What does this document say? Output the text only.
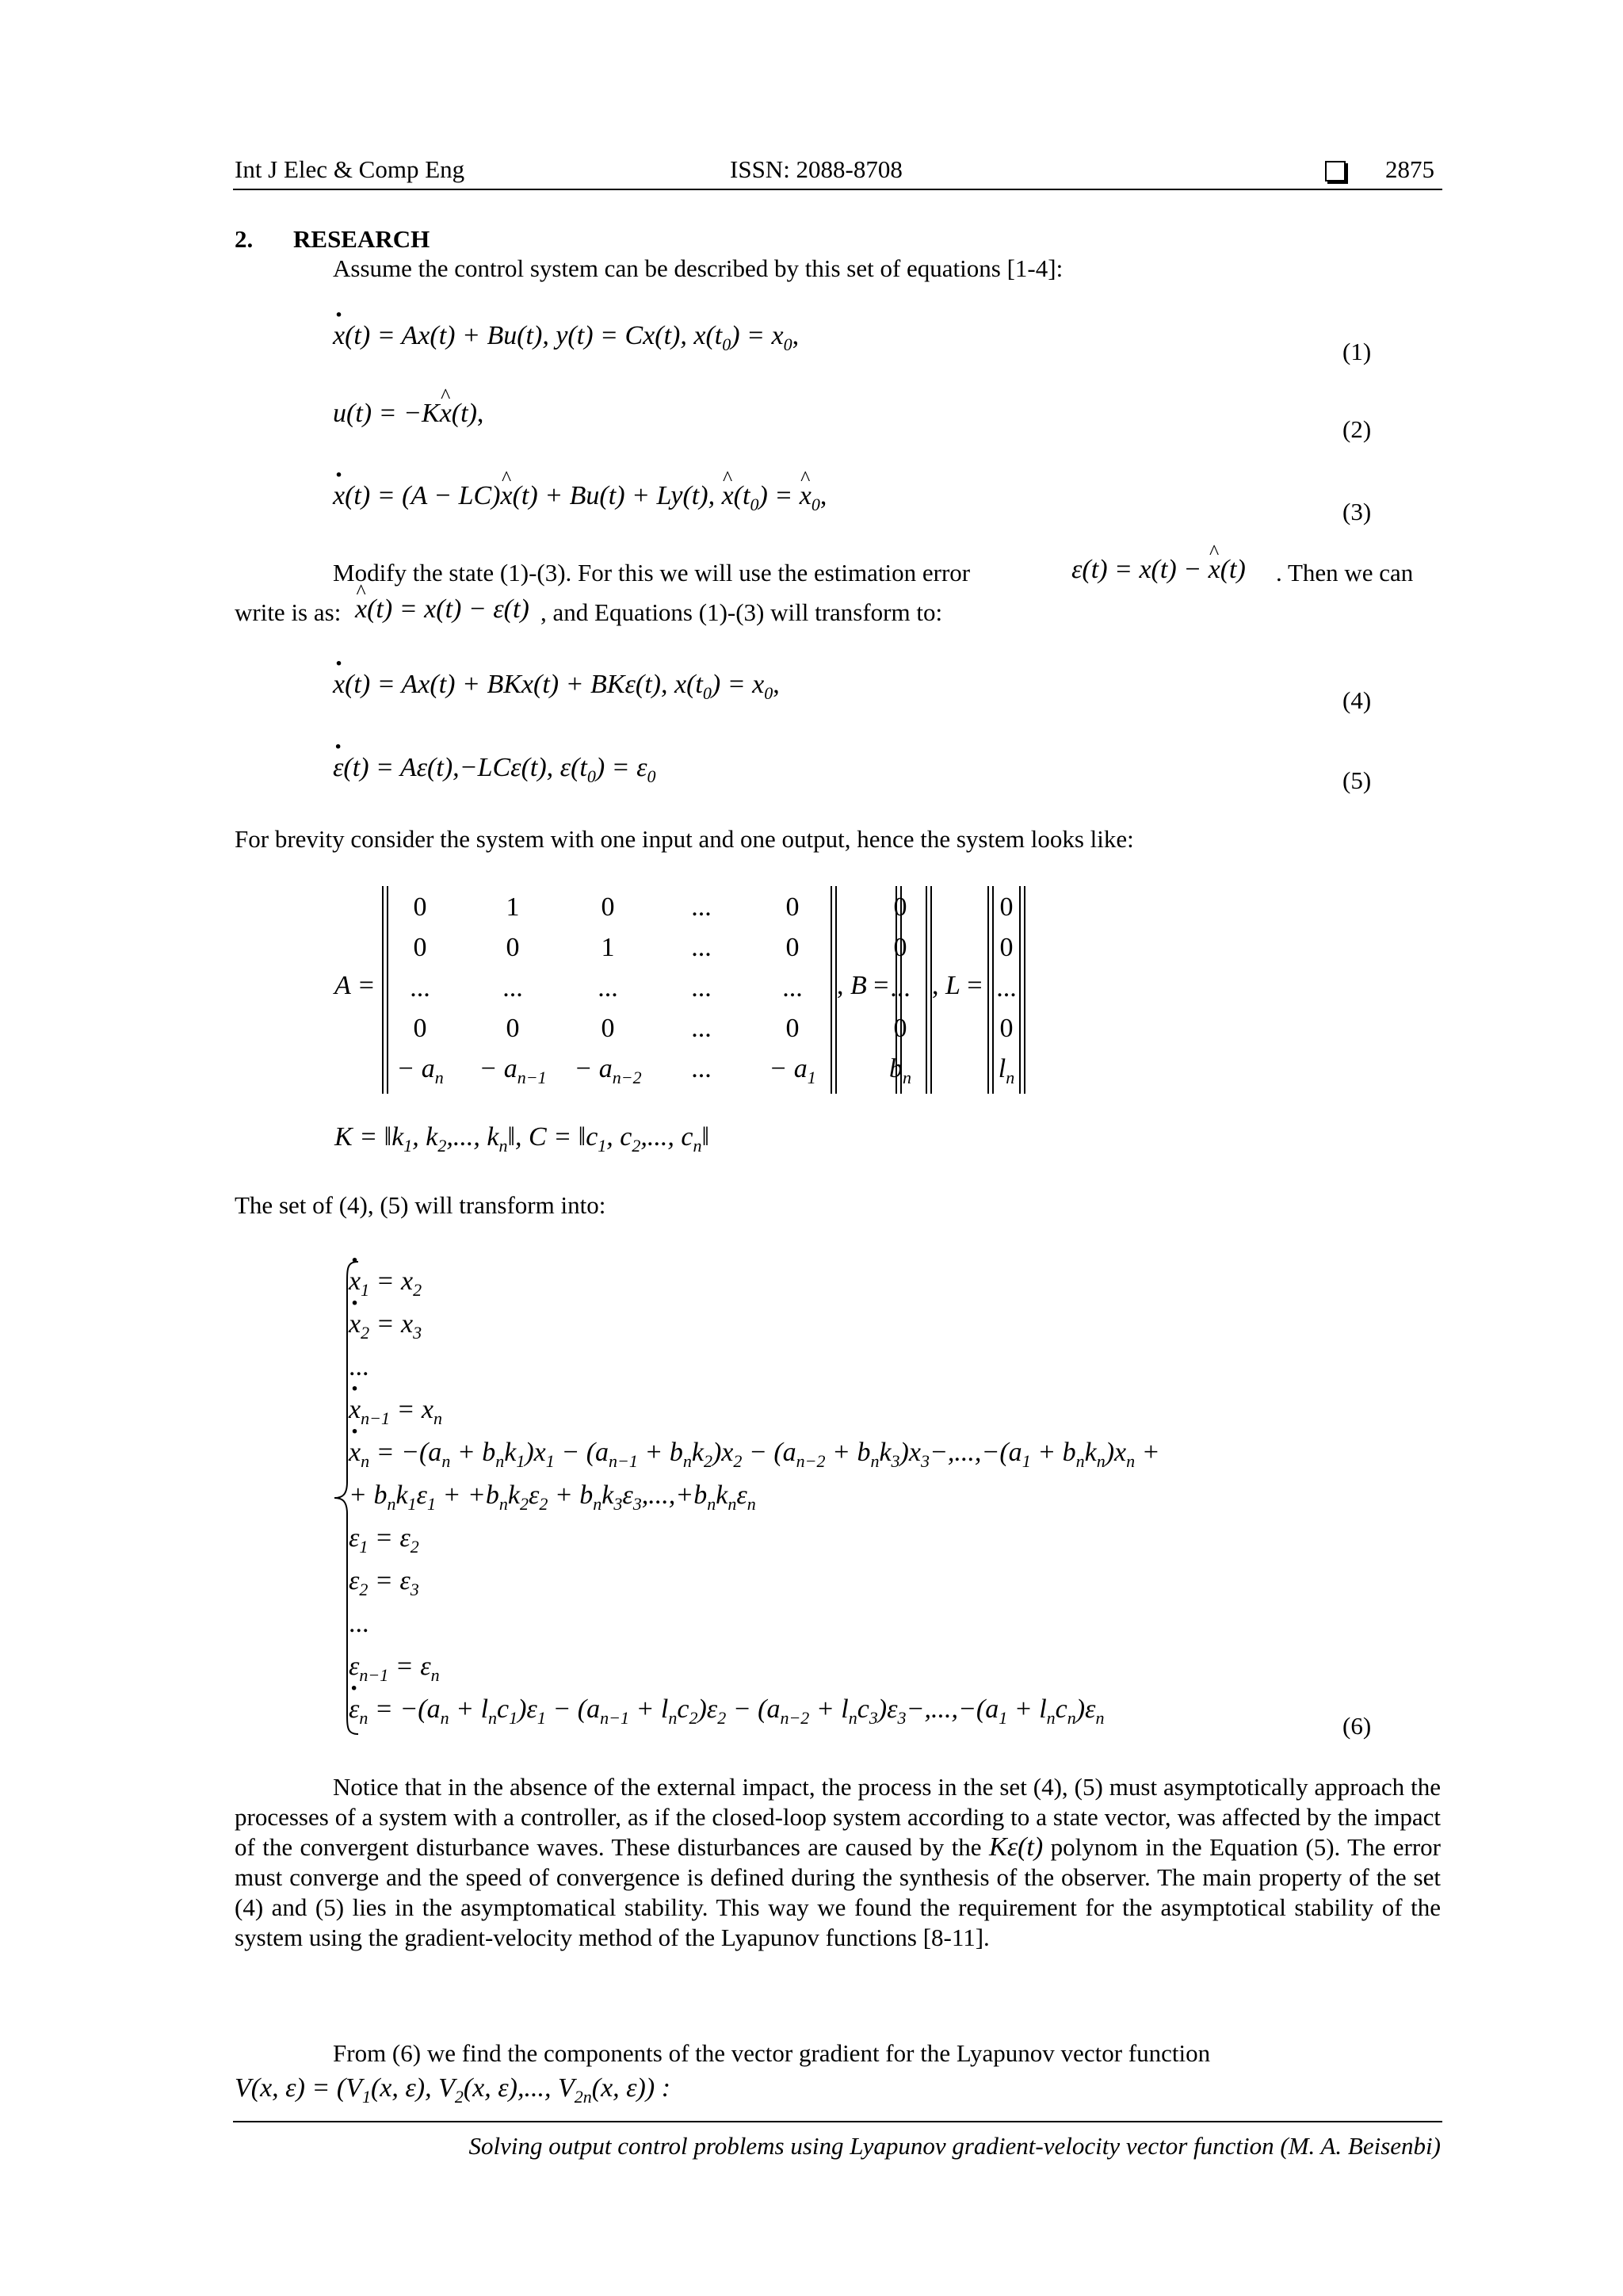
Int J Elec & Comp Eng	ISSN: 2088-8708	2875
2. RESEARCH
Assume the control system can be described by this set of equations [1-4]:
· x(t) = Ax(t) + Bu(t), y(t) = Cx(t), $x(t_0) = x_0$,
(1)
u(t) = −K^ x(t),
(2)
· x(t) = (A − LC)^ x(t) + Bu(t) + Ly(t), ^ $x(t_0)$ = ^ $x_0$,
(3)
Modify the state (1)-(3). For this we will use the estimation error	ε(t) = x(t) − ^ x(t) . Then we can
write is as: ^ x(t) = x(t) − ε(t) , and Equations (1)-(3) will transform to:
· x(t) = Ax(t) + BKx(t) + BKε(t), $x(t_0) = x_0$,
(4)
· ε(t) = Aε(t),−LCε(t), $\varepsilon(t_0) = \varepsilon_0$	(5)
For brevity consider the system with one input and one output, hence the system looks like:
A =
0	1	0	...	0
0	0	1	...	0
...	...	...	...	...
0	0	0	...	0
− $a_n$	− $a_{n-1}$	− $a_{n-2}$	...	− $a_1$
, B =
0
0
...
0
$b_n$
, L =
0
0
...
0
$l_n$
$K = ‖k_1$, $k_2$,..., $k_n‖$, $C = ‖c_1$, $c_2$,..., $c_n‖$
The set of (4), (5) will transform into:
· $x_1 = x_2$
· $x_2 = x_3$
...
· $x_{n-1} = x_n$
· $x_n = -(a_n + b_nk_1)x_1 - (a_{n-1} + b_nk_2)x_2 - (a_{n-2} + b_nk_3)x_3-,...,-(a_1 + b_nk_n)x_n$ +
+ $b_nk_1\varepsilon_1 + +b_nk_2\varepsilon_2 + b_nk_3\varepsilon_3,...,+b_nk_n\varepsilon_n$
$\varepsilon_1 = \varepsilon_2$
$\varepsilon_2 = \varepsilon_3$
...
$\varepsilon_{n-1} = \varepsilon_n$
· $\varepsilon_n = -(a_n + l_nc_1)\varepsilon_1 - (a_{n-1} + l_nc_2)\varepsilon_2 - (a_{n-2} + l_nc_3)\varepsilon_3-,...,-(a_1 + l_nc_n)\varepsilon_n$	(6)
Notice that in the absence of the external impact, the process in the set (4), (5) must asymptotically approach the processes of a system with a controller, as if the closed-loop system according to a state vector, was affected by the impact of the convergent disturbance waves. These disturbances are caused by the Kε(t) polynom in the Equation (5). The error must converge and the speed of convergence is defined during the synthesis of the observer. The main property of the set (4) and (5) lies in the asymptomatical stability. This way we found the requirement for the asymptotical stability of the system using the gradient-velocity method of the Lyapunov functions [8-11].
From (6) we find the components of the vector gradient for the Lyapunov vector function
V(x, $\varepsilon) = (V_1(x$, ε), $V_2(x$, ε),..., $V_{2n}(x$, ε)) :
Solving output control problems using Lyapunov gradient-velocity vector function (M. A. Beisenbi)
